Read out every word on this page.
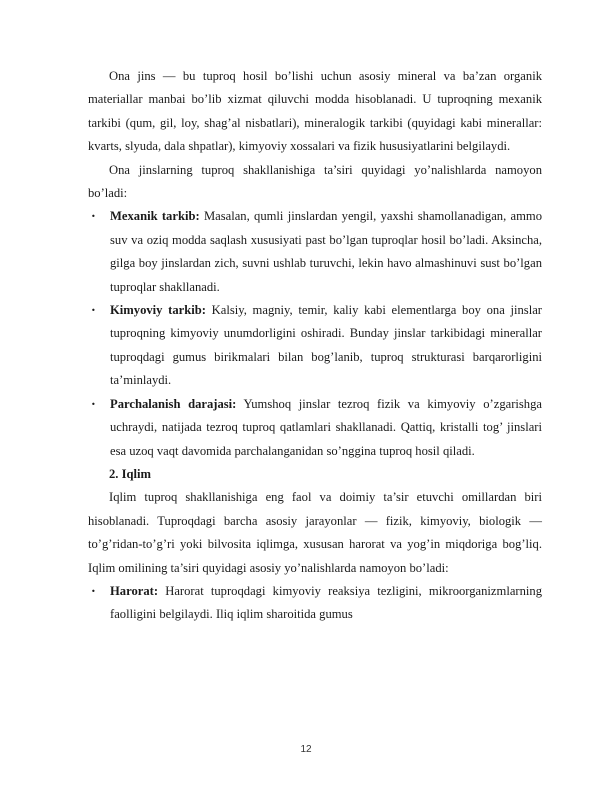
Ona jins — bu tuproq hosil bo’lishi uchun asosiy mineral va ba’zan organik materiallar manbai bo’lib xizmat qiluvchi modda hisoblanadi. U tuproqning mexanik tarkibi (qum, gil, loy, shag’al nisbatlari), mineralogik tarkibi (quyidagi kabi minerallar: kvarts, slyuda, dala shpatlar), kimyoviy xossalari va fizik hususiyatlarini belgilaydi.

Ona jinslarning tuproq shakllanishiga ta’siri quyidagi yo’nalishlarda namoyon bo’ladi:

• Mexanik tarkib: Masalan, qumli jinslardan yengil, yaxshi shamollanadigan, ammo suv va oziq modda saqlash xususiyati past bo’lgan tuproqlar hosil bo’ladi. Aksincha, gilga boy jinslardan zich, suvni ushlab turuvchi, lekin havo almashinuvi sust bo’lgan tuproqlar shakllanadi.
• Kimyoviy tarkib: Kalsiy, magniy, temir, kaliy kabi elementlarga boy ona jinslar tuproqning kimyoviy unumdorligini oshiradi. Bunday jinslar tarkibidagi minerallar tuproqdagi gumus birikmalari bilan bog’lanib, tuproq strukturasi barqarorligini ta’minlaydi.
• Parchalanish darajasi: Yumshoq jinslar tezroq fizik va kimyoviy o’zgarishga uchraydi, natijada tezroq tuproq qatlamlari shakllanadi. Qattiq, kristalli tog’ jinslari esa uzoq vaqt davomida parchalanganidan so’nggina tuproq hosil qiladi.
2. Iqlim

Iqlim tuproq shakllanishiga eng faol va doimiy ta’sir etuvchi omillardan biri hisoblanadi. Tuproqdagi barcha asosiy jarayonlar — fizik, kimyoviy, biologik — to’g’ridan-to’g’ri yoki bilvosita iqlimga, xususan harorat va yog’in miqdoriga bog’liq. Iqlim omilining ta’siri quyidagi asosiy yo’nalishlarda namoyon bo’ladi:

• Harorat: Harorat tuproqdagi kimyoviy reaksiya tezligini, mikroorganizmlarning faolligini belgilaydi. Iliq iqlim sharoitida gumus
12
